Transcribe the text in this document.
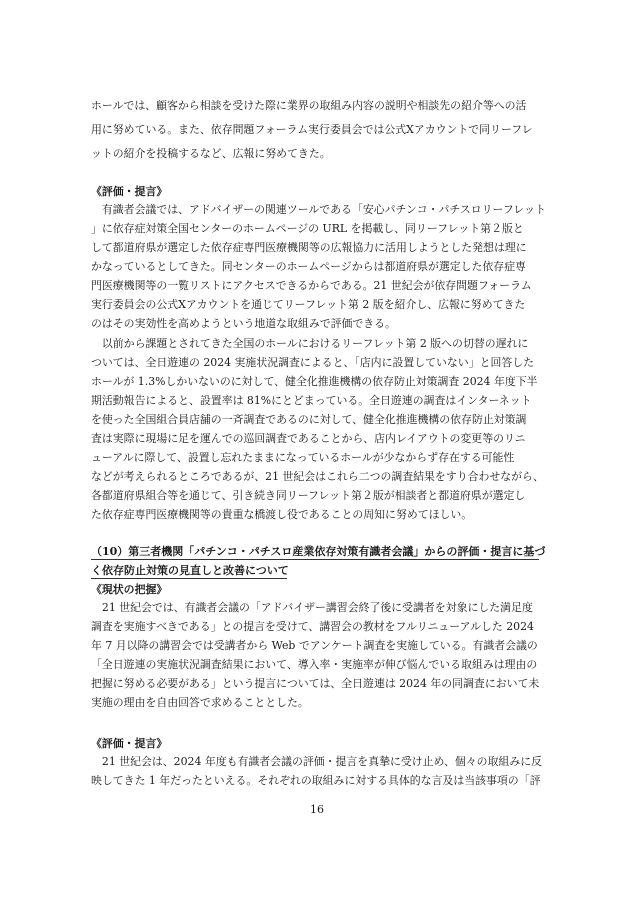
ホールでは、顧客から相談を受けた際に業界の取組み内容の説明や相談先の紹介等への活
用に努めている。また、依存問題フォーラム実行委員会では公式Xアカウントで同リーフレ
ットの紹介を投稿するなど、広報に努めてきた。
《評価・提言》
　有識者会議では、アドバイザーの関連ツールである「安心パチンコ・パチスロリーフレット
」に依存症対策全国センターのホームページの URL を掲載し、同リーフレット第２版と
して都道府県が選定した依存症専門医療機関等の広報協力に活用しようとした発想は理に
かなっているとしてきた。同センターのホームページからは都道府県が選定した依存症専
門医療機関等の一覧リストにアクセスできるからである。21 世紀会が依存問題フォーラム
実行委員会の公式Xアカウントを通じてリーフレット第 2 版を紹介し、広報に努めてきた
のはその実効性を高めようという地道な取組みで評価できる。
　以前から課題とされてきた全国のホールにおけるリーフレット第 2 版への切替の遅れに
ついては、全日遊連の 2024 実施状況調査によると、「店内に設置していない」と回答した
ホールが 1.3%しかいないのに対して、健全化推進機構の依存防止対策調査 2024 年度下半
期活動報告によると、設置率は 81%にとどまっている。全日遊連の調査はインターネット
を使った全国組合員店舗の一斉調査であるのに対して、健全化推進機構の依存防止対策調
査は実際に現場に足を運んでの巡回調査であることから、店内レイアウトの変更等のリニ
ューアルに際して、設置し忘れたままになっているホールが少なからず存在する可能性
などが考えられるところであるが、21 世紀会はこれら二つの調査結果をすり合わせながら、
各都道府県組合等を通じて、引き続き同リーフレット第２版が相談者と都道府県が選定し
た依存症専門医療機関等の貴重な橋渡し役であることの周知に努めてほしい。
（10）第三者機関「パチンコ・パチスロ産業依存対策有識者会議」からの評価・提言に基づ
く依存防止対策の見直しと改善について
《現状の把握》
　21 世紀会では、有識者会議の「アドバイザー講習会終了後に受講者を対象にした満足度
調査を実施すべきである」との提言を受けて、講習会の教材をフルリニューアルした 2024
年 7 月以降の講習会では受講者から Web でアンケート調査を実施している。有識者会議の
「全日遊連の実施状況調査結果において、導入率・実施率が伸び悩んでいる取組みは理由の
把握に努める必要がある」という提言については、全日遊連は 2024 年の同調査において未
実施の理由を自由回答で求めることとした。
《評価・提言》
　21 世紀会は、2024 年度も有識者会議の評価・提言を真摯に受け止め、個々の取組みに反
映してきた 1 年だったといえる。それぞれの取組みに対する具体的な言及は当該事項の「評
16
